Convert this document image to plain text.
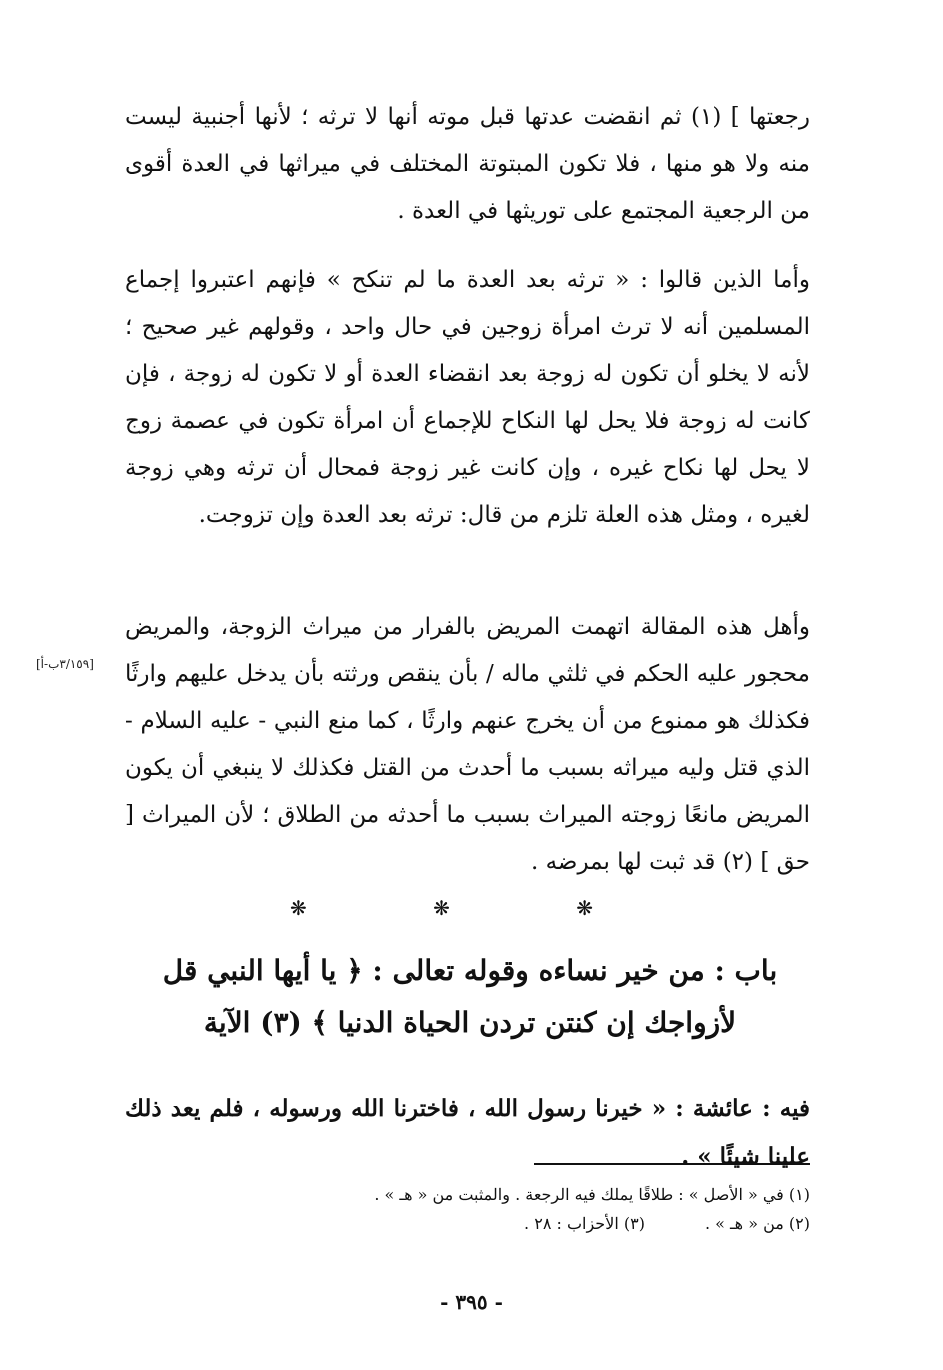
رجعتها ] (١) ثم انقضت عدتها قبل موته أنها لا ترثه ؛ لأنها أجنبية ليست منه ولا هو منها ، فلا تكون المبتوتة المختلف في ميراثها في العدة أقوى من الرجعية المجتمع على توريثها في العدة .

وأما الذين قالوا : « ترثه بعد العدة ما لم تنكح » فإنهم اعتبروا إجماع المسلمين أنه لا ترث امرأة زوجين في حال واحد ، وقولهم غير صحيح ؛ لأنه لا يخلو أن تكون له زوجة بعد انقضاء العدة أو لا تكون له زوجة ، فإن كانت له زوجة فلا يحل لها النكاح للإجماع أن امرأة تكون في عصمة زوج لا يحل لها نكاح غيره ، وإن كانت غير زوجة فمحال أن ترثه وهي زوجة لغيره ، ومثل هذه العلة تلزم من قال: ترثه بعد العدة وإن تزوجت.

[٣/١٥٩ب-أ]

وأهل هذه المقالة اتهمت المريض بالفرار من ميراث الزوجة، والمريض محجور عليه الحكم في ثلثي ماله / بأن ينقص ورثته بأن يدخل عليهم وارثًا فكذلك هو ممنوع من أن يخرج عنهم وارثًا ، كما منع النبي - عليه السلام - الذي قتل وليه ميراثه بسبب ما أحدث من القتل فكذلك لا ينبغي أن يكون المريض مانعًا زوجته الميراث بسبب ما أحدثه من الطلاق ؛ لأن الميراث [ حق ] (٢) قد ثبت لها بمرضه .

❋ ❋ ❋
باب : من خير نساءه وقوله تعالى : ﴿ يا أيها النبي قل
لأزواجك إن كنتن تردن الحياة الدنيا ﴾ (٣) الآية

فيه : عائشة : « خيرنا رسول الله ، فاخترنا الله ورسوله ، فلم يعد ذلك علينا شيئًا » .

(١) في « الأصل » : طلاقًا يملك فيه الرجعة . والمثبت من « هـ » .
(٢) من « هـ » .(٣) الأحزاب : ٢٨ .
- ٣٩٥ -
